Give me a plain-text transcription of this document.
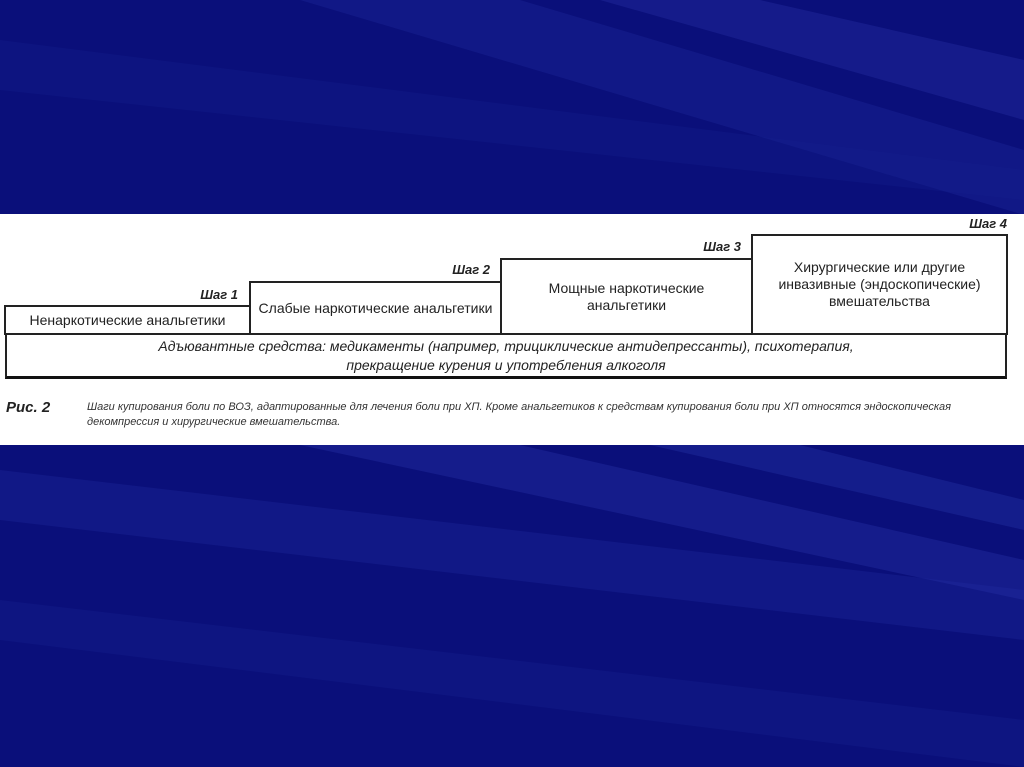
Шаг 1
Шаг 2
Шаг 3
Шаг 4
Ненаркотические анальгетики
Слабые наркотические анальгетики
Мощные наркотические анальгетики
Хирургические или другие инвазивные (эндоскопические) вмешательства
Адъювантные средства: медикаменты (например, трициклические антидепрессанты), психотерапия, прекращение курения и употребления алкоголя
Рис. 2	Шаги купирования боли по ВОЗ, адаптированные для лечения боли при ХП. Кроме анальгетиков к средствам купирования боли при ХП относятся эндоскопическая декомпрессия и хирургические вмешательства.
